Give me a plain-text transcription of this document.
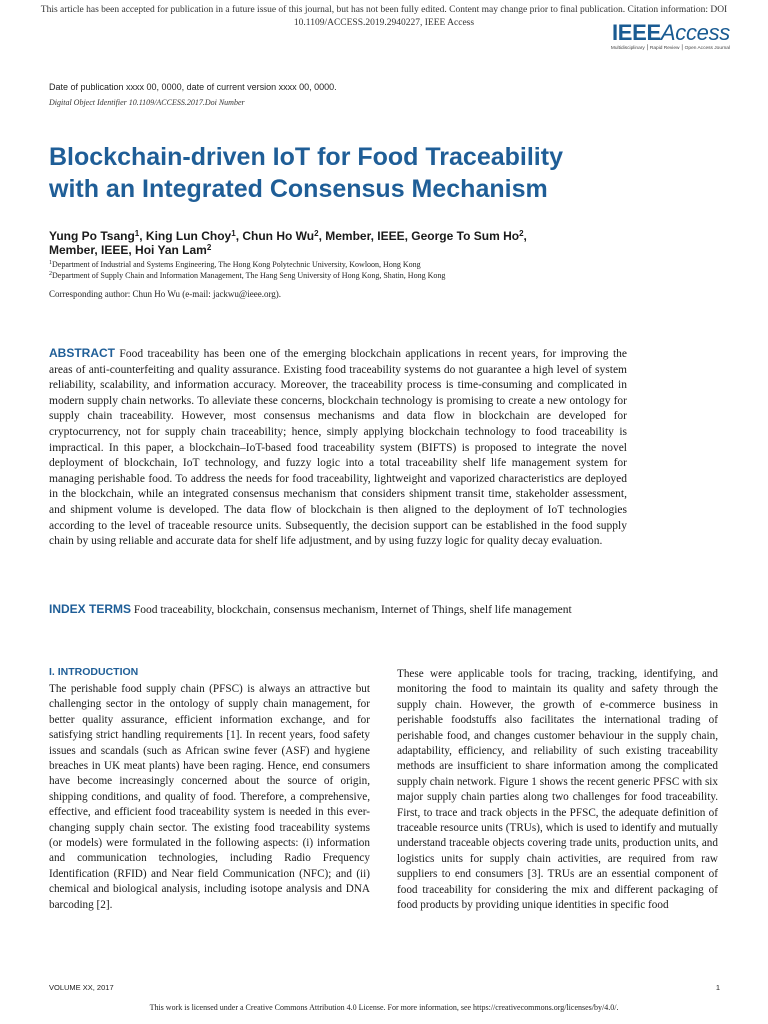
This article has been accepted for publication in a future issue of this journal, but has not been fully edited. Content may change prior to final publication. Citation information: DOI
10.1109/ACCESS.2019.2940227, IEEE Access	IEEEAccess
Multidisciplinary ⎮ Rapid Review ⎮ Open Access Journal
Date of publication xxxx 00, 0000, date of current version xxxx 00, 0000.
Digital Object Identifier 10.1109/ACCESS.2017.Doi Number
Blockchain-driven IoT for Food Traceability
with an Integrated Consensus Mechanism
Yung Po Tsang$^1$, King Lun Choy$^1$, Chun Ho Wu$^2$, Member, IEEE, George To Sum Ho$^2$,
Member, IEEE, Hoi Yan Lam$^2$
$^1$Department of Industrial and Systems Engineering, The Hong Kong Polytechnic University, Kowloon, Hong Kong
$^2$Department of Supply Chain and Information Management, The Hang Seng University of Hong Kong, Shatin, Hong Kong
Corresponding author: Chun Ho Wu (e-mail: jackwu@ieee.org).

ABSTRACT Food traceability has been one of the emerging blockchain applications in recent years, for improving the areas of anti-counterfeiting and quality assurance. Existing food traceability systems do not guarantee a high level of system reliability, scalability, and information accuracy. Moreover, the traceability process is time-consuming and complicated in modern supply chain networks. To alleviate these concerns, blockchain technology is promising to create a new ontology for supply chain traceability. However, most consensus mechanisms and data flow in blockchain are developed for cryptocurrency, not for supply chain traceability; hence, simply applying blockchain technology to food traceability is impractical. In this paper, a blockchain–IoT-based food traceability system (BIFTS) is proposed to integrate the novel deployment of blockchain, IoT technology, and fuzzy logic into a total traceability shelf life management system for managing perishable food. To address the needs for food traceability, lightweight and vaporized characteristics are deployed in the blockchain, while an integrated consensus mechanism that considers shipment transit time, stakeholder assessment, and shipment volume is developed. The data flow of blockchain is then aligned to the deployment of IoT technologies according to the level of traceable resource units. Subsequently, the decision support can be established in the food supply chain by using reliable and accurate data for shelf life adjustment, and by using fuzzy logic for quality decay evaluation.

INDEX TERMS Food traceability, blockchain, consensus mechanism, Internet of Things, shelf life management

I. INTRODUCTION

The perishable food supply chain (PFSC) is always an attractive but challenging sector in the ontology of supply chain management, for better quality assurance, efficient information exchange, and for satisfying strict handling requirements [1]. In recent years, food safety issues and scandals (such as African swine fever (ASF) and hygiene breaches in UK meat plants) have been raging. Hence, end consumers have become increasingly concerned about the source of origin, shipping conditions, and quality of food. Therefore, a comprehensive, effective, and efficient food traceability system is needed in this ever-changing supply chain sector. The existing food traceability systems (or models) were formulated in the following aspects: (i) information and communication technologies, including Radio Frequency Identification (RFID) and Near field Communication (NFC); and (ii) chemical and biological analysis, including isotope analysis and DNA barcoding [2].

These were applicable tools for tracing, tracking, identifying, and monitoring the food to maintain its quality and safety through the supply chain. However, the growth of e-commerce business in perishable foodstuffs also facilitates the international trading of perishable food, and changes customer behaviour in the supply chain, adaptability, efficiency, and reliability of such existing traceability methods are insufficient to share information among the complicated supply chain network. Figure 1 shows the recent generic PFSC with six major supply chain parties along two challenges for food traceability. First, to trace and track objects in the PFSC, the adequate definition of traceable resource units (TRUs), which is used to identify and mutually understand traceable objects covering trade units, production units, and logistics units for supply chain activities, are required from raw suppliers to end consumers [3]. TRUs are an essential component of food traceability for considering the mix and different packaging of food products by providing unique identities in specific food

VOLUME XX, 2017	1
This work is licensed under a Creative Commons Attribution 4.0 License. For more information, see https://creativecommons.org/licenses/by/4.0/.
